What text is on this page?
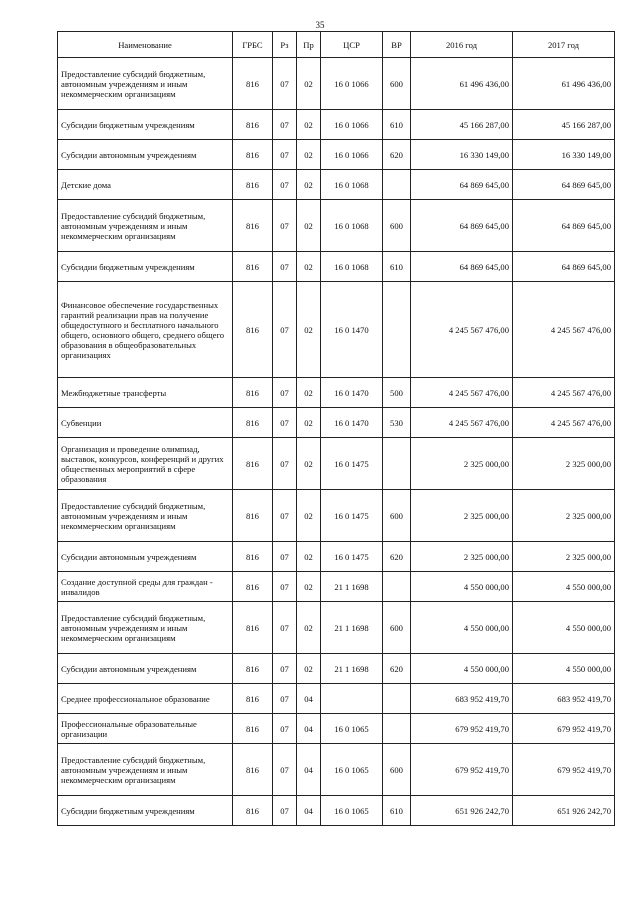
35
Наименование	ГРБС	Рз	Пр	ЦСР	ВР	2016 год	2017 год
Предоставление субсидий бюджетным, автономным учреждениям и иным некоммерческим организациям	816	07	02	16 0 1066	600	61 496 436,00	61 496 436,00
Субсидии бюджетным учреждениям	816	07	02	16 0 1066	610	45 166 287,00	45 166 287,00
Субсидии автономным учреждениям	816	07	02	16 0 1066	620	16 330 149,00	16 330 149,00
Детские дома	816	07	02	16 0 1068		64 869 645,00	64 869 645,00
Предоставление субсидий бюджетным, автономным учреждениям и иным некоммерческим организациям	816	07	02	16 0 1068	600	64 869 645,00	64 869 645,00
Субсидии бюджетным учреждениям	816	07	02	16 0 1068	610	64 869 645,00	64 869 645,00
Финансовое обеспечение государственных гарантий реализации прав на получение общедоступного и бесплатного начального общего, основного общего, среднего общего образования в общеобразовательных организациях	816	07	02	16 0 1470		4 245 567 476,00	4 245 567 476,00
Межбюджетные трансферты	816	07	02	16 0 1470	500	4 245 567 476,00	4 245 567 476,00
Субвенции	816	07	02	16 0 1470	530	4 245 567 476,00	4 245 567 476,00
Организация и проведение олимпиад, выставок, конкурсов, конференций и других общественных мероприятий в сфере образования	816	07	02	16 0 1475		2 325 000,00	2 325 000,00
Предоставление субсидий бюджетным, автономным учреждениям и иным некоммерческим организациям	816	07	02	16 0 1475	600	2 325 000,00	2 325 000,00
Субсидии автономным учреждениям	816	07	02	16 0 1475	620	2 325 000,00	2 325 000,00
Создание доступной среды для граждан - инвалидов	816	07	02	21 1 1698		4 550 000,00	4 550 000,00
Предоставление субсидий бюджетным, автономным учреждениям и иным некоммерческим организациям	816	07	02	21 1 1698	600	4 550 000,00	4 550 000,00
Субсидии автономным учреждениям	816	07	02	21 1 1698	620	4 550 000,00	4 550 000,00
Среднее профессиональное образование	816	07	04			683 952 419,70	683 952 419,70
Профессиональные образовательные организации	816	07	04	16 0 1065		679 952 419,70	679 952 419,70
Предоставление субсидий бюджетным, автономным учреждениям и иным некоммерческим организациям	816	07	04	16 0 1065	600	679 952 419,70	679 952 419,70
Субсидии бюджетным учреждениям	816	07	04	16 0 1065	610	651 926 242,70	651 926 242,70
